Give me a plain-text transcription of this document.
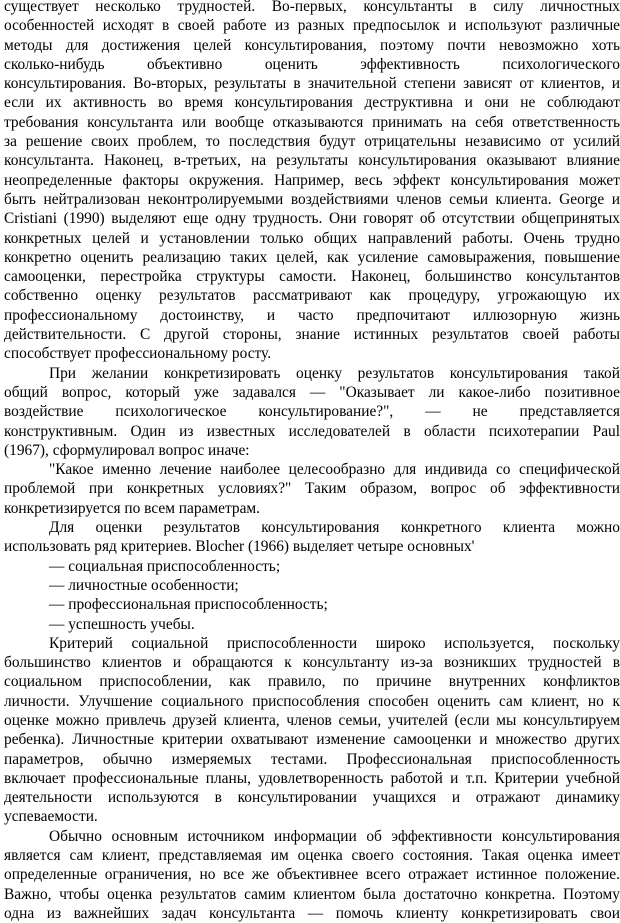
существует несколько трудностей. Во-первых, консультанты в силу личностных

особенностей исходят в своей работе из разных предпосылок и используют различные

методы для достижения целей консультирования, поэтому почти невозможно хоть

сколько-нибудь объективно оценить эффективность психологического

консультирования. Во-вторых, результаты в значительной степени зависят от клиентов, и

если их активность во время консультирования деструктивна и они не соблюдают

требования консультанта или вообще отказываются принимать на себя ответственность

за решение своих проблем, то последствия будут отрицательны независимо от усилий

консультанта. Наконец, в-третьих, на результаты консультирования оказывают влияние

неопределенные факторы окружения. Например, весь эффект консультирования может

быть нейтрализован неконтролируемыми воздействиями членов семьи клиента. George и

Cristiani (1990) выделяют еще одну трудность. Они говорят об отсутствии общепринятых

конкретных целей и установлении только общих направлений работы. Очень трудно

конкретно оценить реализацию таких целей, как усиление самовыражения, повышение

самооценки, перестройка структуры самости. Наконец, большинство консультантов

собственно оценку результатов рассматривают как процедуру, угрожающую их

профессиональному достоинству, и часто предпочитают иллюзорную жизнь

действительности. С другой стороны, знание истинных результатов своей работы

способствует профессиональному росту.

При желании конкретизировать оценку результатов консультирования такой

общий вопрос, который уже задавался — "Оказывает ли какое-либо позитивное

воздействие психологическое консультирование?", — не представляется

конструктивным. Один из известных исследователей в области психотерапии Paul

(1967), сформулировал вопрос иначе:

"Какое именно лечение наиболее целесообразно для индивида со специфической

проблемой при конкретных условиях?" Таким образом, вопрос об эффективности

конкретизируется по всем параметрам.

Для оценки результатов консультирования конкретного клиента можно

использовать ряд критериев. Blocher (1966) выделяет четыре основных'

— социальная приспособленность;

— личностные особенности;

— профессиональная приспособленность;

— успешность учебы.

Критерий социальной приспособленности широко используется, поскольку

большинство клиентов и обращаются к консультанту из-за возникших трудностей в

социальном приспособлении, как правило, по причине внутренних конфликтов

личности. Улучшение социального приспособления способен оценить сам клиент, но к

оценке можно привлечь друзей клиента, членов семьи, учителей (если мы консультируем

ребенка). Личностные критерии охватывают изменение самооценки и множество других

параметров, обычно измеряемых тестами. Профессиональная приспособленность

включает профессиональные планы, удовлетворенность работой и т.п. Критерии учебной

деятельности используются в консультировании учащихся и отражают динамику

успеваемости.

Обычно основным источником информации об эффективности консультирования

является сам клиент, представляемая им оценка своего состояния. Такая оценка имеет

определенные ограничения, но все же объективнее всего отражает истинное положение.

Важно, чтобы оценка результатов самим клиентом была достаточно конкретна. Поэтому

одна из важнейших задач консультанта — помочь клиенту конкретизировать свои
